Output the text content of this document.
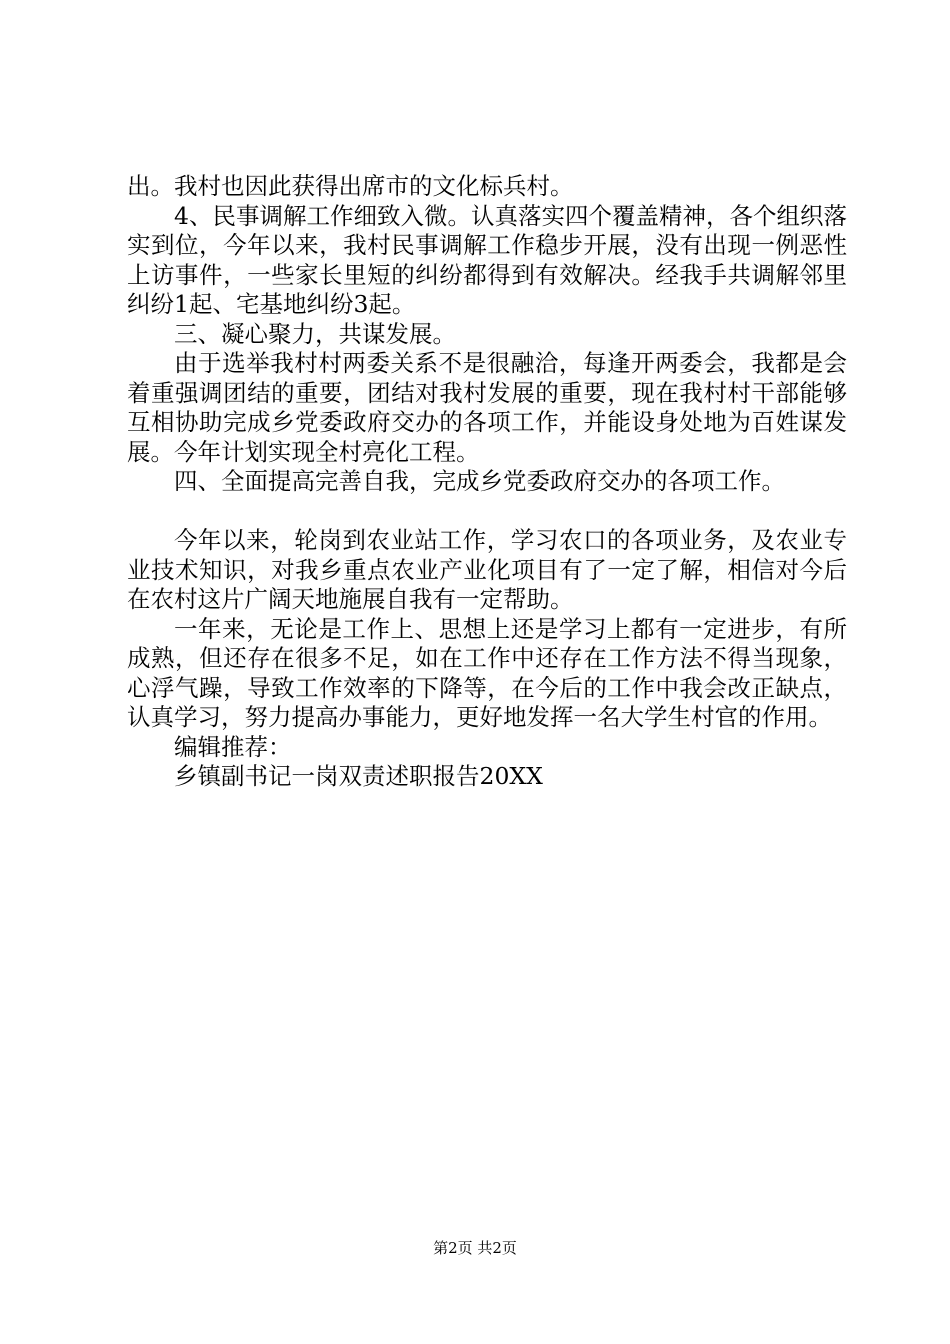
出。我村也因此获得出席市的文化标兵村。

4、民事调解工作细致入微。认真落实四个覆盖精神，各个组织落实到位，今年以来，我村民事调解工作稳步开展，没有出现一例恶性上访事件，一些家长里短的纠纷都得到有效解决。经我手共调解邻里纠纷1起、宅基地纠纷3起。

三、凝心聚力，共谋发展。

由于选举我村村两委关系不是很融洽，每逢开两委会，我都是会着重强调团结的重要，团结对我村发展的重要，现在我村村干部能够互相协助完成乡党委政府交办的各项工作，并能设身处地为百姓谋发展。今年计划实现全村亮化工程。

四、全面提高完善自我，完成乡党委政府交办的各项工作。

今年以来，轮岗到农业站工作，学习农口的各项业务，及农业专业技术知识，对我乡重点农业产业化项目有了一定了解，相信对今后在农村这片广阔天地施展自我有一定帮助。

一年来，无论是工作上、思想上还是学习上都有一定进步，有所成熟，但还存在很多不足，如在工作中还存在工作方法不得当现象，心浮气躁，导致工作效率的下降等，在今后的工作中我会改正缺点，认真学习，努力提高办事能力，更好地发挥一名大学生村官的作用。

编辑推荐：

乡镇副书记一岗双责述职报告20XX

第2页 共2页
